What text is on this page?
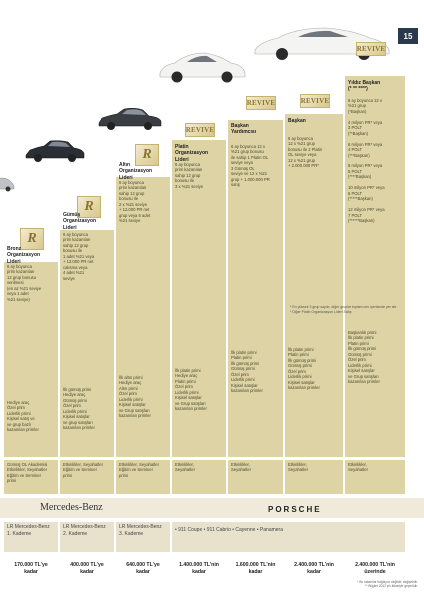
15
R
R
R
REVIVE
REVIVE	REVIVE
REVIVE
Bronz
Organizasyon
Lideri
Gümüş
Organizasyon
Lideri
Altın
Organizasyon
Lideri
Platin
Organizasyon
Lideri
Başkan
Yardımcısı
Başkan
Yıldız Başkan
(* ** ****)
6 ay boyunca
prim kazanılan
12 grup bonusu
verilmesi
(en az %21 seviye
veya 1 adet
%21 seviye)
6 ay boyunca
prim kazanılan
sahip 12 grup
bonusu ile
1 adet %21 veya
+ 12.000 PR net
calısma veya
4 adet %21
seviye
6 ay boyunca
prim kazanılan
sahip 12 grup
bonusu ile
2 x %21 seviye
+ 12.000 PR net
grup veya 6 adet
%21 seviye
6 ay boyunca
prim kazanılan
sahip 12 grup
bonusu ile
3 x %21 seviye
6 ay boyunca 12 x
%21 grup bonusu
ile sahip 1 Platin OL
seviye veya
3 Gümüş OL
seviye ve 12 x %21
grup + 1.000.000 PR
satış
6 ay boyunca
12 x %21 grup
bonusu ile 2 Platin
OL seviye veya
12 x %21 grup
+ 2.000.000 PR*
6 ay boyunca 12 x
%21 grup
(*Başkan)

4 milyon PR* veya
3 POLT
(**Başkan)

6 milyon PR* veya
4 POLT
(***Başkan)

8 milyon PR* veya
5 POLT
(****Başkan)

10 milyon PR* veya
6 POLT
(*****Başkan)

12 milyon PR* veya
7 POLT
(******Başkan)
* En yüksek 3 grup sayılır, diğer gruplar toplam ciro içerisinde yer alır
* Diğer Platin Organizasyon Lideri Satış
Hediye araç
Özel prim
Liderlik primi
Kişisel satış ve
ve grup bazlı
kazanılan primler
İlk gümüş primi
Hediye araç
Gümüş primi
Özel prim
Liderlik primi
Kişisel satışlar
ve grup satışları
kazanılan primler
İlk altın primi
Hediye araç
Altın primi
Özel prim
Liderlik primi
Kişisel satışlar
ve Grup satışları
kazanılan primler
İlk platin primi
Hediye araç
Platin primi
Özel prim
Liderlik primi
Kişisel satışlar
ve Grup satışları
kazanılan primler
İlk platin primi
Platin primi
İlk gümüş primi
Gümüş primi
Özel prim
Liderlik primi
Kişisel satışlar
kazanılan primler
İlk platin primi
Platin primi
İlk gümüş primi
Gümüş primi
Özel prim
Liderlik primi
Kişisel satışlar
kazanılan primler
Başkanlık primi
İlk platin primi
Platin primi
İlk gümüş primi
Gümüş primi
Özel prim
Liderlik primi
Kişisel satışlar
ve Grup satışları
kazanılan primler
Gümüş OL Akademisi
Etkinlikler, Seyahatler
Eğitim ve Seminer
primi
Etkinlikler, Seyahatler
Eğitim ve Seminer
primi
Etkinlikler, Seyahatler
Eğitim ve Seminer
primi
Etkinlikler,
Seyahatler
Etkinlikler,
Seyahatler
Etkinlikler,
Seyahatler
Etkinlikler,
Seyahatler
Mercedes-Benz	PORSCHE
LR Mercedes-Benz
1. Kademe
LR Mercedes-Benz
2. Kademe
LR Mercedes-Benz
3. Kademe
• 911 Coupe • 911 Cabrio • Cayenne • Panamera
170.000 TL'ye
kadar
400.000 TL'ye
kadar
640.000 TL'ye
kadar
1.400.000 TL'nin
kadar
1.600.000 TL'nin
kadar
2.400.000 TL'nin
kadar
2.400.000 TL'nin
üzerinde
* Bu rakamlar bağlayıcı değildir, değişebilir.
** Bilgiler 2013 yılı itibariyle geçerlidir.
